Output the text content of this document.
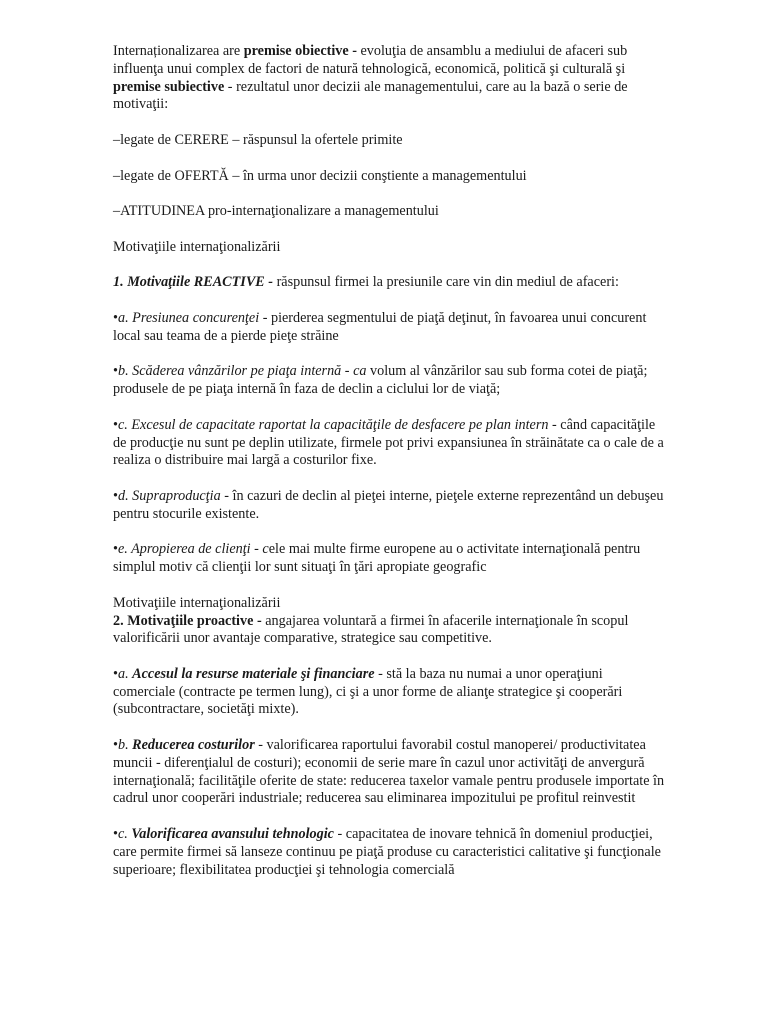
Internaționalizarea are premise obiective - evoluţia de ansamblu a mediului de afaceri sub influenţa unui complex de factori de natură tehnologică, economică, politică şi culturală şi premise subiective - rezultatul unor decizii ale managementului, care au la bază o serie de motivaţii:

–legate de CERERE – răspunsul la ofertele primite

–legate de OFERTĂ – în urma unor decizii conştiente a managementului

–ATITUDINEA pro-internaţionalizare a managementului

Motivaţiile internaţionalizării

1. Motivaţiile REACTIVE - răspunsul firmei la presiunile care vin din mediul de afaceri:

•a. Presiunea concurenţei - pierderea segmentului de piaţă deţinut, în favoarea unui concurent local sau teama de a pierde pieţe străine

•b. Scăderea vânzărilor pe piaţa internă - ca volum al vânzărilor sau sub forma cotei de piaţă; produsele de pe piaţa internă în faza de declin a ciclului lor de viaţă;

•c. Excesul de capacitate raportat la capacităţile de desfacere pe plan intern - când capacităţile de producţie nu sunt pe deplin utilizate, firmele pot privi expansiunea în străinătate ca o cale de a realiza o distribuire mai largă a costurilor fixe.

•d. Supraproducţia - în cazuri de declin al pieţei interne, pieţele externe reprezentând un debuşeu pentru stocurile existente.

•e. Apropierea de clienţi - cele mai multe firme europene au o activitate internaţională pentru simplul motiv că clienţii lor sunt situaţi în ţări apropiate geografic

Motivaţiile internaţionalizării

2. Motivaţiile proactive - angajarea voluntară a firmei în afacerile internaţionale în scopul valorificării unor avantaje comparative, strategice sau competitive.

•a. Accesul la resurse materiale şi financiare - stă la baza nu numai a unor operaţiuni comerciale (contracte pe termen lung), ci şi a unor forme de alianţe strategice şi cooperări (subcontractare, societăţi mixte).

•b. Reducerea costurilor - valorificarea raportului favorabil costul manoperei/ productivitatea muncii - diferenţialul de costuri); economii de serie mare în cazul unor activităţi de anvergură internaţională; facilităţile oferite de state: reducerea taxelor vamale pentru produsele importate în cadrul unor cooperări industriale; reducerea sau eliminarea impozitului pe profitul reinvestit

•c. Valorificarea avansului tehnologic - capacitatea de inovare tehnică în domeniul producţiei, care permite firmei să lanseze continuu pe piaţă produse cu caracteristici calitative şi funcţionale superioare; flexibilitatea producţiei şi tehnologia comercială
